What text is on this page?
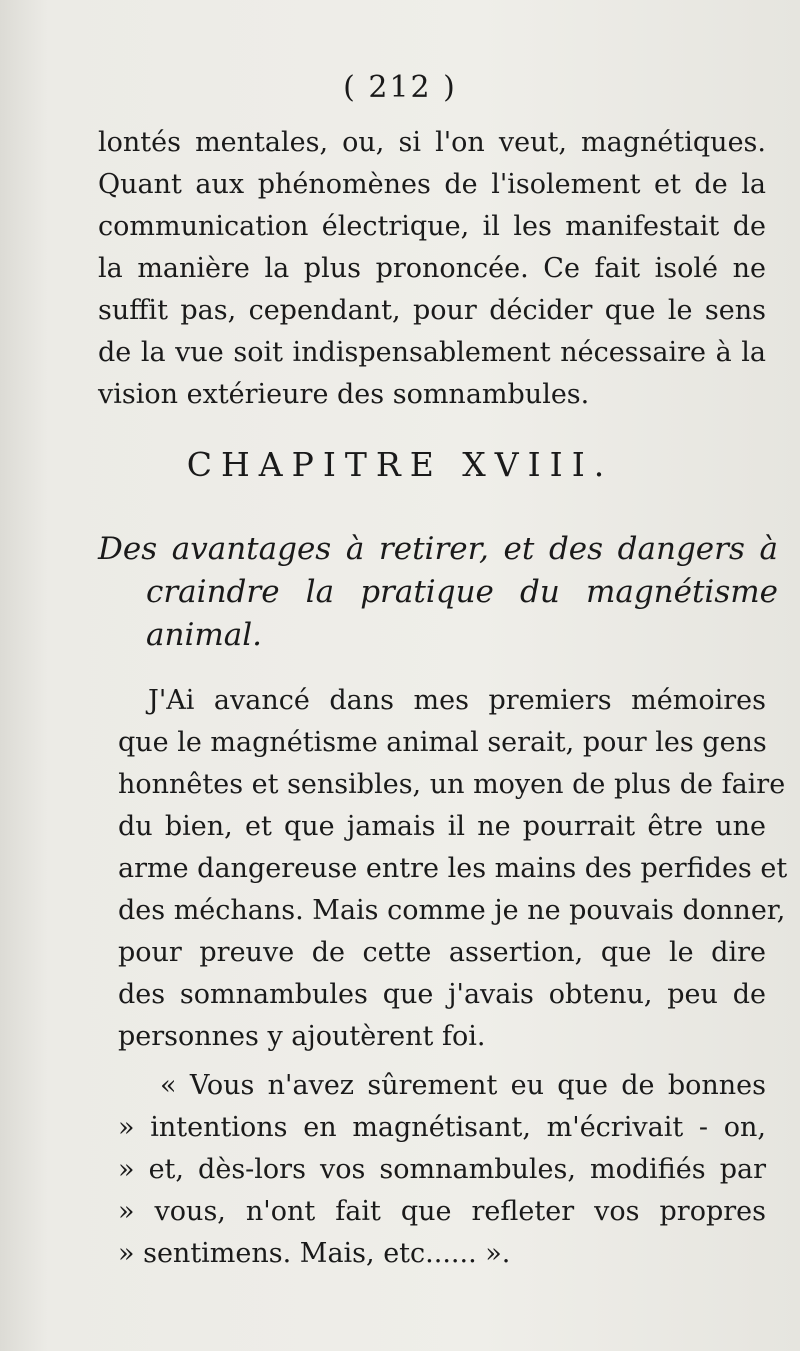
( 212 )
lontés mentales, ou, si l'on veut, magnétiques.
Quant aux phénomènes de l'isolement et de la
communication électrique, il les manifestait de
la manière la plus prononcée. Ce fait isolé ne
suffit pas, cependant, pour décider que le sens
de la vue soit indispensablement nécessaire à la
vision extérieure des somnambules.
CHAPITRE XVIII.
Des avantages à retirer, et des dangers à
craindre la pratique du magnétisme
animal.
J'Ai avancé dans mes premiers mémoires
que le magnétisme animal serait, pour les gens
honnêtes et sensibles, un moyen de plus de faire
du bien, et que jamais il ne pourrait être une
arme dangereuse entre les mains des perfides et
des méchans. Mais comme je ne pouvais donner,
pour preuve de cette assertion, que le dire
des somnambules que j'avais obtenu, peu de
personnes y ajoutèrent foi.
« Vous n'avez sûrement eu que de bonnes
» intentions en magnétisant, m'écrivait - on,
» et, dès-lors vos somnambules, modifiés par
» vous, n'ont fait que refleter vos propres
» sentimens. Mais, etc...... ».
